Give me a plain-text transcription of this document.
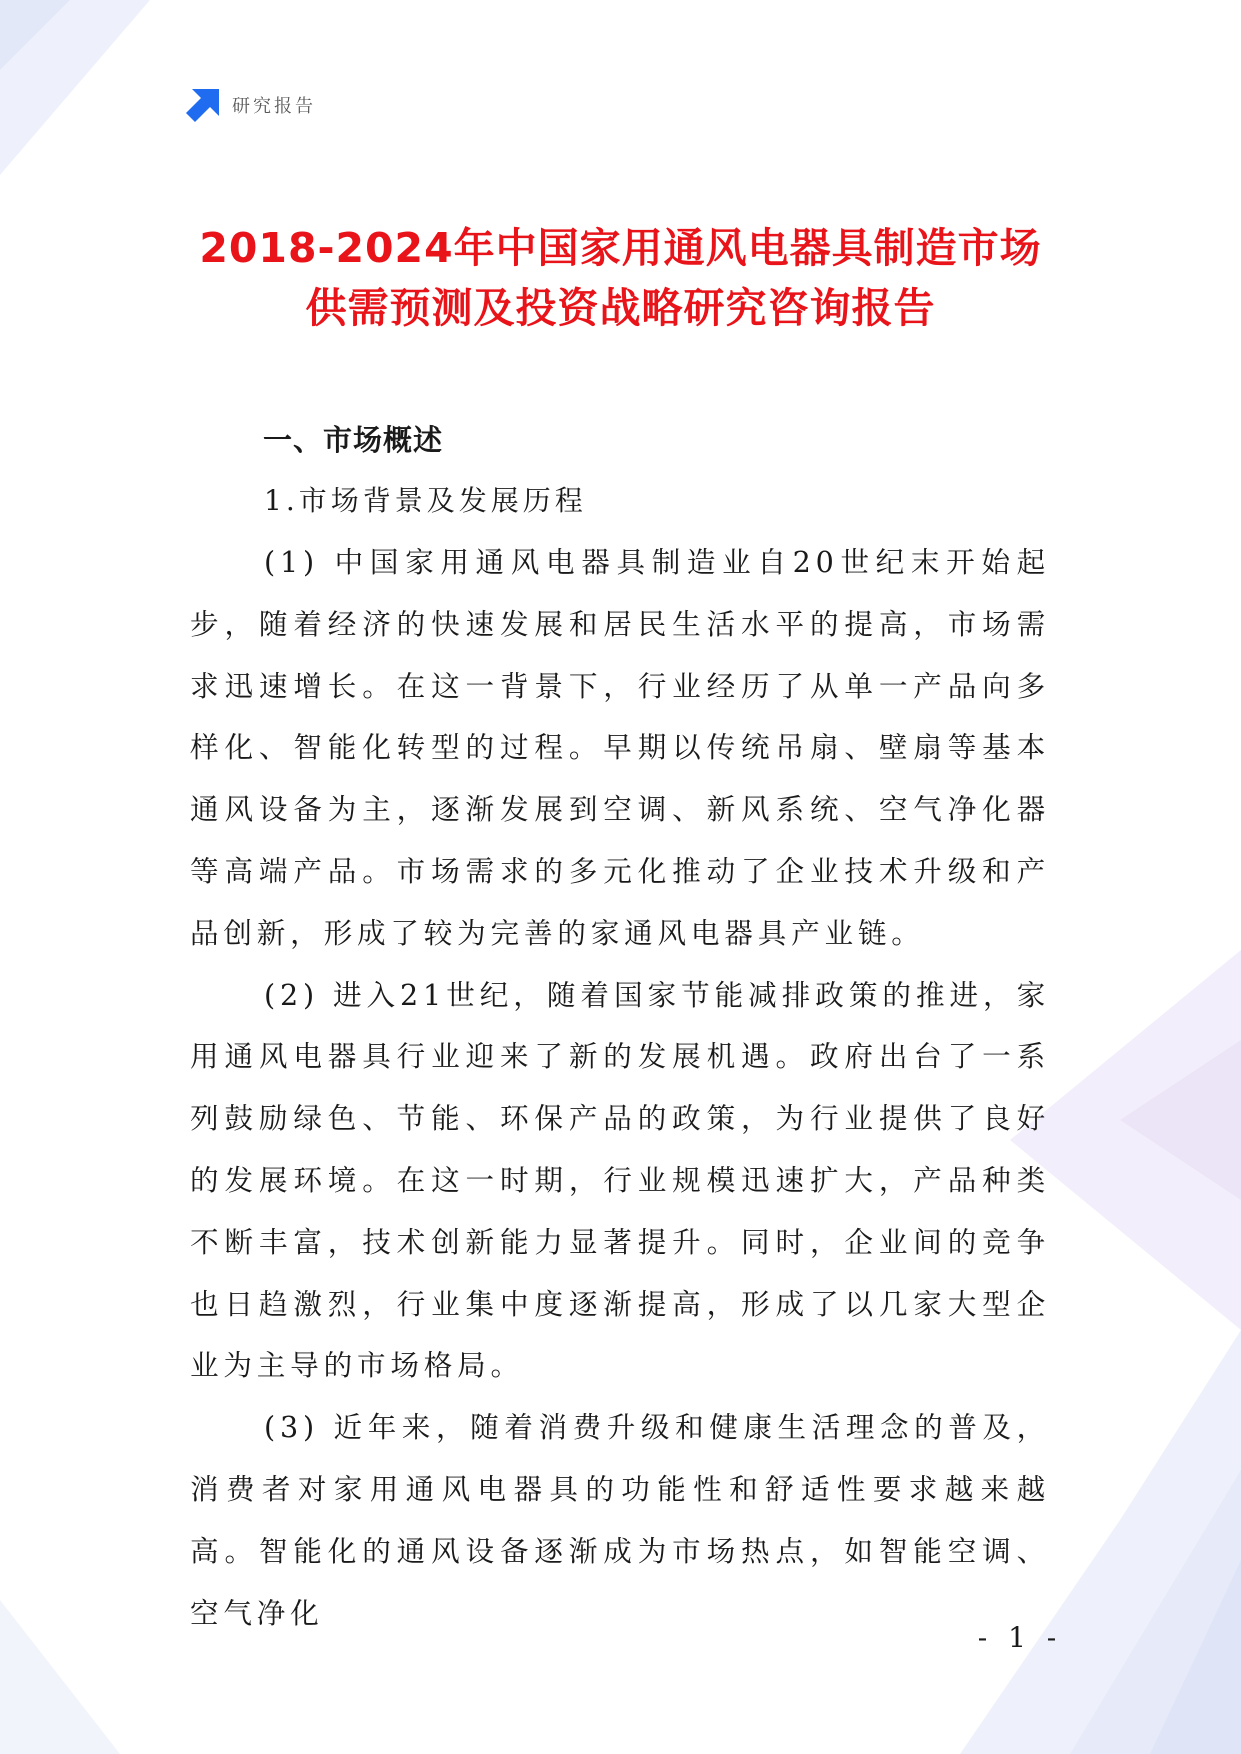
研究报告
2018-2024年中国家用通风电器具制造市场
供需预测及投资战略研究咨询报告
一、市场概述
1.市场背景及发展历程

(1) 中国家用通风电器具制造业自20世纪末开始起步，随着经济的快速发展和居民生活水平的提高，市场需求迅速增长。在这一背景下，行业经历了从单一产品向多样化、智能化转型的过程。早期以传统吊扇、壁扇等基本通风设备为主，逐渐发展到空调、新风系统、空气净化器等高端产品。市场需求的多元化推动了企业技术升级和产品创新，形成了较为完善的家通风电器具产业链。

(2) 进入21世纪，随着国家节能减排政策的推进，家用通风电器具行业迎来了新的发展机遇。政府出台了一系列鼓励绿色、节能、环保产品的政策，为行业提供了良好的发展环境。在这一时期，行业规模迅速扩大，产品种类不断丰富，技术创新能力显著提升。同时，企业间的竞争也日趋激烈，行业集中度逐渐提高，形成了以几家大型企业为主导的市场格局。

(3) 近年来，随着消费升级和健康生活理念的普及，消费者对家用通风电器具的功能性和舒适性要求越来越高。智能化的通风设备逐渐成为市场热点，如智能空调、空气净化

- 1 -
